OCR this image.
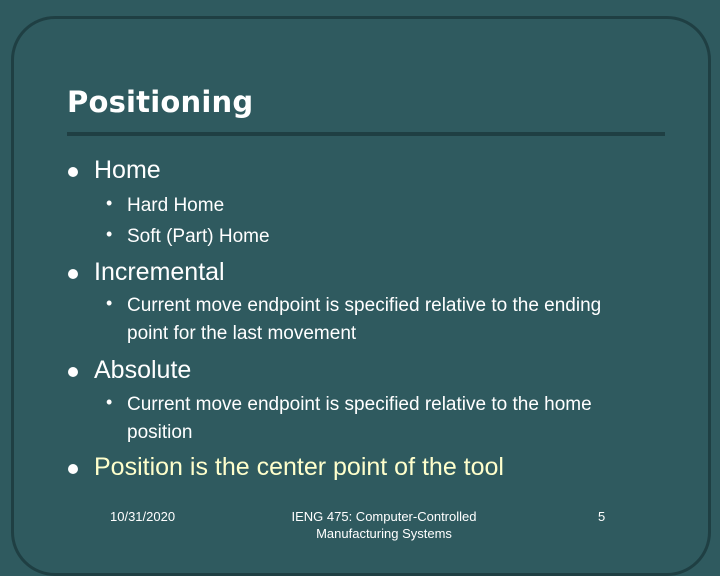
Positioning
Home
• Hard Home
• Soft (Part) Home
Incremental
• Current move endpoint is specified relative to the ending point for the last movement
Absolute
• Current move endpoint is specified relative to the home position
Position is the center point of the tool
10/31/2020	IENG 475: Computer-Controlled Manufacturing Systems
5
